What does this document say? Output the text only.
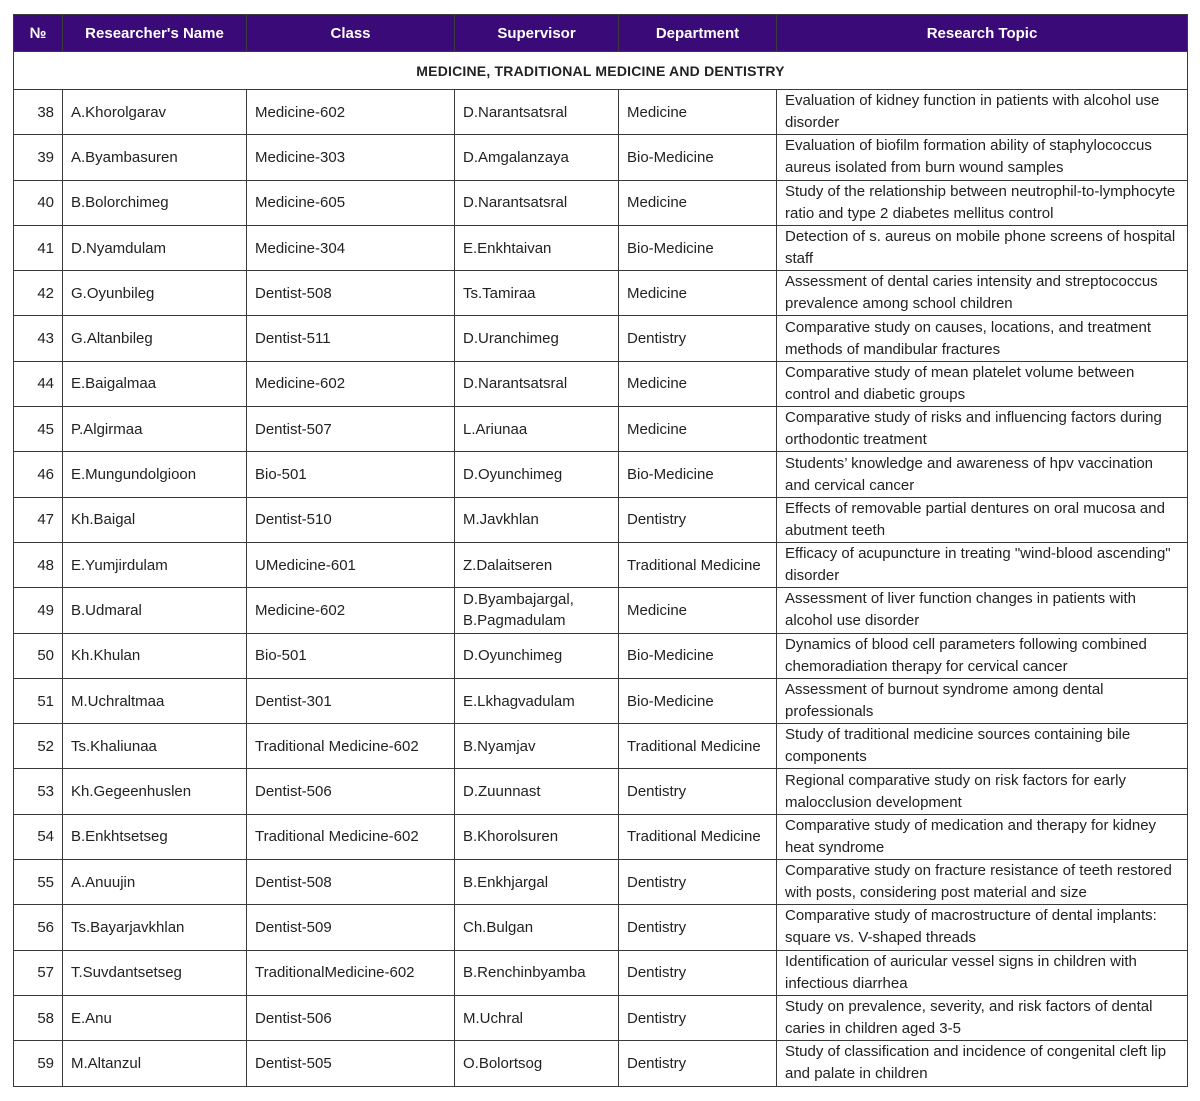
№	Researcher's Name	Class	Supervisor	Department	Research Topic
MEDICINE, TRADITIONAL MEDICINE AND DENTISTRY					
38	A.Khorolgarav	Medicine-602	D.Narantsatsral	Medicine	Evaluation of kidney function in patients with alcohol use disorder
39	A.Byambasuren	Medicine-303	D.Amgalanzaya	Bio-Medicine	Evaluation of biofilm formation ability of staphylococcus aureus isolated from burn wound samples
40	B.Bolorchimeg	Medicine-605	D.Narantsatsral	Medicine	Study of the relationship between neutrophil-to-lymphocyte ratio and type 2 diabetes mellitus control
41	D.Nyamdulam	Medicine-304	E.Enkhtaivan	Bio-Medicine	Detection of s. aureus on mobile phone screens of hospital staff
42	G.Oyunbileg	Dentist-508	Ts.Tamiraa	Medicine	Assessment of dental caries intensity and streptococcus prevalence among school children
43	G.Altanbileg	Dentist-511	D.Uranchimeg	Dentistry	Comparative study on causes, locations, and treatment methods of mandibular fractures
44	E.Baigalmaa	Medicine-602	D.Narantsatsral	Medicine	Comparative study of mean platelet volume between control and diabetic groups
45	P.Algirmaa	Dentist-507	L.Ariunaa	Medicine	Comparative study of risks and influencing factors during orthodontic treatment
46	E.Mungundolgioon	Bio-501	D.Oyunchimeg	Bio-Medicine	Students’ knowledge and awareness of hpv vaccination and cervical cancer
47	Kh.Baigal	Dentist-510	M.Javkhlan	Dentistry	Effects of removable partial dentures on oral mucosa and abutment teeth
48	E.Yumjirdulam	UMedicine-601	Z.Dalaitseren	Traditional Medicine	Efficacy of acupuncture in treating "wind-blood ascending" disorder
49	B.Udmaral	Medicine-602	D.Byambajargal, B.Pagmadulam	Medicine	Assessment of liver function changes in patients with alcohol use disorder
50	Kh.Khulan	Bio-501	D.Oyunchimeg	Bio-Medicine	Dynamics of blood cell parameters following combined chemoradiation therapy for cervical cancer
51	M.Uchraltmaa	Dentist-301	E.Lkhagvadulam	Bio-Medicine	Assessment of burnout syndrome among dental professionals
52	Ts.Khaliunaa	Traditional Medicine-602	B.Nyamjav	Traditional Medicine	Study of traditional medicine sources containing bile components
53	Kh.Gegeenhuslen	Dentist-506	D.Zuunnast	Dentistry	Regional comparative study on risk factors for early malocclusion development
54	B.Enkhtsetseg	Traditional Medicine-602	B.Khorolsuren	Traditional Medicine	Comparative study of medication and therapy for kidney heat syndrome
55	A.Anuujin	Dentist-508	B.Enkhjargal	Dentistry	Comparative study on fracture resistance of teeth restored with posts, considering post material and size
56	Ts.Bayarjavkhlan	Dentist-509	Ch.Bulgan	Dentistry	Comparative study of macrostructure of dental implants: square vs. V-shaped threads
57	T.Suvdantsetseg	TraditionalMedicine-602	B.Renchinbyamba	Dentistry	Identification of auricular vessel signs in children with infectious diarrhea
58	E.Anu	Dentist-506	M.Uchral	Dentistry	Study on prevalence, severity, and risk factors of dental caries in children aged 3-5
59	M.Altanzul	Dentist-505	O.Bolortsog	Dentistry	Study of classification and incidence of congenital cleft lip and palate in children
